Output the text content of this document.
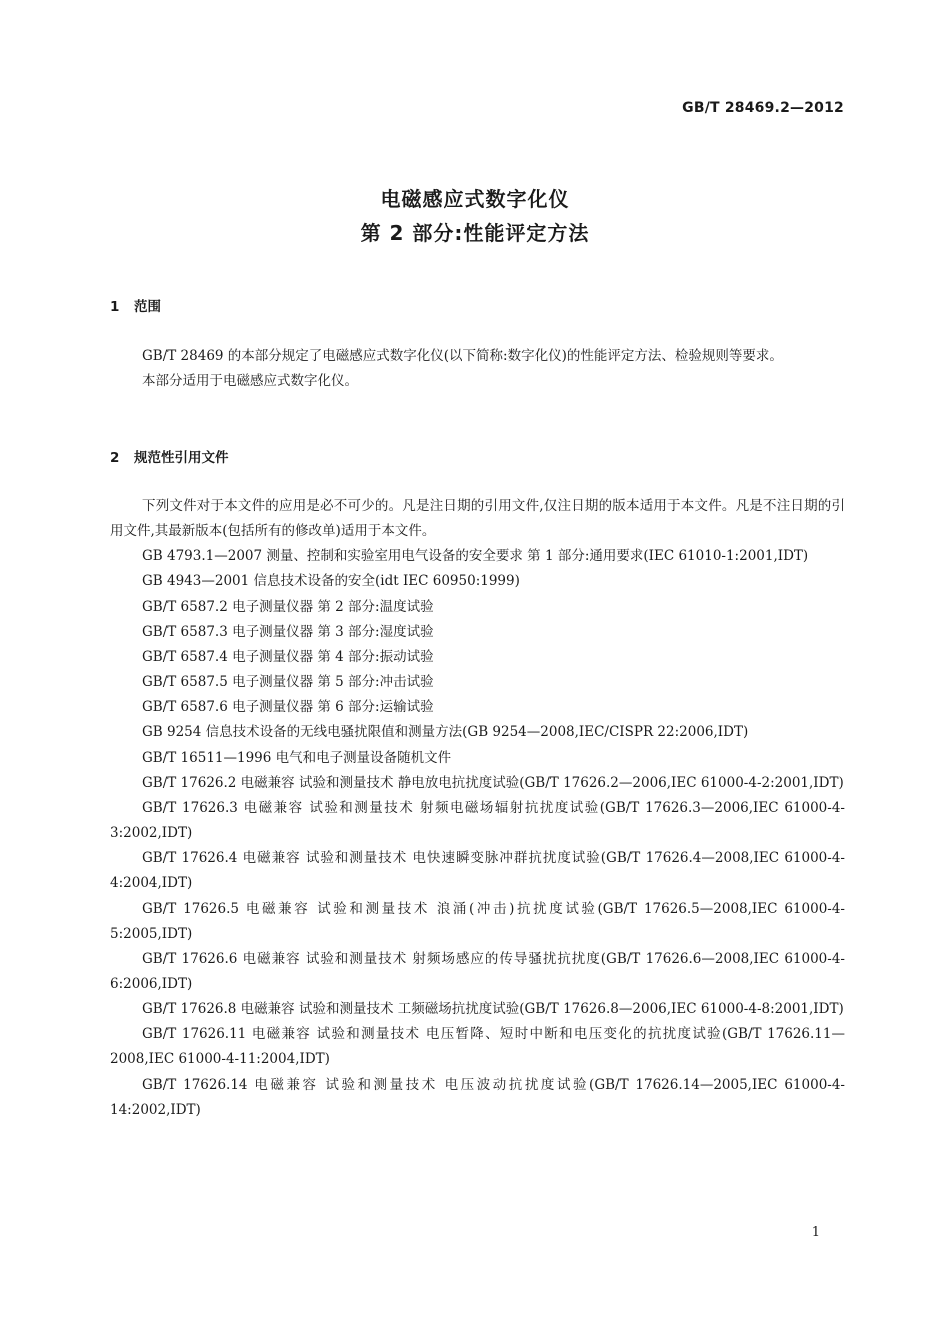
GB/T 28469.2—2012
电磁感应式数字化仪
第 2 部分:性能评定方法
1 范围

GB/T 28469 的本部分规定了电磁感应式数字化仪(以下简称:数字化仪)的性能评定方法、检验规则等要求。

本部分适用于电磁感应式数字化仪。

2 规范性引用文件

下列文件对于本文件的应用是必不可少的。凡是注日期的引用文件,仅注日期的版本适用于本文件。凡是不注日期的引用文件,其最新版本(包括所有的修改单)适用于本文件。

GB 4793.1—2007 测量、控制和实验室用电气设备的安全要求 第 1 部分:通用要求(IEC 61010-1:2001,IDT)

GB 4943—2001 信息技术设备的安全(idt IEC 60950:1999)

GB/T 6587.2 电子测量仪器 第 2 部分:温度试验

GB/T 6587.3 电子测量仪器 第 3 部分:湿度试验

GB/T 6587.4 电子测量仪器 第 4 部分:振动试验

GB/T 6587.5 电子测量仪器 第 5 部分:冲击试验

GB/T 6587.6 电子测量仪器 第 6 部分:运输试验

GB 9254 信息技术设备的无线电骚扰限值和测量方法(GB 9254—2008,IEC/CISPR 22:2006,IDT)

GB/T 16511—1996 电气和电子测量设备随机文件

GB/T 17626.2 电磁兼容 试验和测量技术 静电放电抗扰度试验(GB/T 17626.2—2006,IEC 61000-4-2:2001,IDT)

GB/T 17626.3 电磁兼容 试验和测量技术 射频电磁场辐射抗扰度试验(GB/T 17626.3—2006,IEC 61000-4-3:2002,IDT)

GB/T 17626.4 电磁兼容 试验和测量技术 电快速瞬变脉冲群抗扰度试验(GB/T 17626.4—2008,IEC 61000-4-4:2004,IDT)

GB/T 17626.5 电磁兼容 试验和测量技术 浪涌(冲击)抗扰度试验(GB/T 17626.5—2008,IEC 61000-4-5:2005,IDT)

GB/T 17626.6 电磁兼容 试验和测量技术 射频场感应的传导骚扰抗扰度(GB/T 17626.6—2008,IEC 61000-4-6:2006,IDT)

GB/T 17626.8 电磁兼容 试验和测量技术 工频磁场抗扰度试验(GB/T 17626.8—2006,IEC 61000-4-8:2001,IDT)

GB/T 17626.11 电磁兼容 试验和测量技术 电压暂降、短时中断和电压变化的抗扰度试验(GB/T 17626.11—2008,IEC 61000-4-11:2004,IDT)

GB/T 17626.14 电磁兼容 试验和测量技术 电压波动抗扰度试验(GB/T 17626.14—2005,IEC 61000-4-14:2002,IDT)

1
